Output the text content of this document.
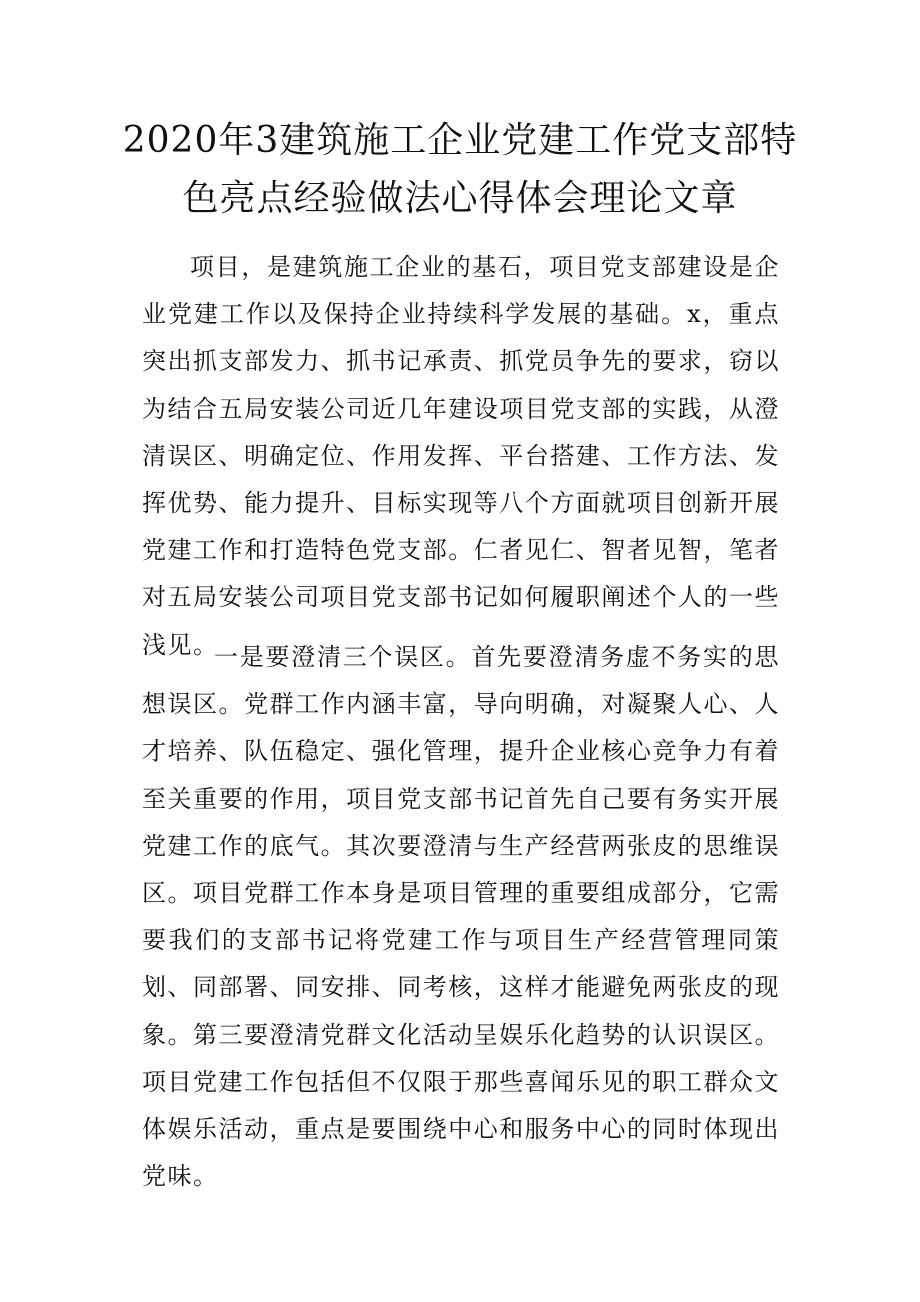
2020年3建筑施工企业党建工作党支部特色亮点经验做法心得体会理论文章

项目，是建筑施工企业的基石，项目党支部建设是企业党建工作以及保持企业持续科学发展的基础。x，重点突出抓支部发力、抓书记承责、抓党员争先的要求，窃以为结合五局安装公司近几年建设项目党支部的实践，从澄清误区、明确定位、作用发挥、平台搭建、工作方法、发挥优势、能力提升、目标实现等八个方面就项目创新开展党建工作和打造特色党支部。仁者见仁、智者见智，笔者对五局安装公司项目党支部书记如何履职阐述个人的一些浅见。

一是要澄清三个误区。首先要澄清务虚不务实的思想误区。党群工作内涵丰富，导向明确，对凝聚人心、人才培养、队伍稳定、强化管理，提升企业核心竞争力有着至关重要的作用，项目党支部书记首先自己要有务实开展党建工作的底气。其次要澄清与生产经营两张皮的思维误区。项目党群工作本身是项目管理的重要组成部分，它需要我们的支部书记将党建工作与项目生产经营管理同策划、同部署、同安排、同考核，这样才能避免两张皮的现象。第三要澄清党群文化活动呈娱乐化趋势的认识误区。项目党建工作包括但不仅限于那些喜闻乐见的职工群众文体娱乐活动，重点是要围绕中心和服务中心的同时体现出党味。
